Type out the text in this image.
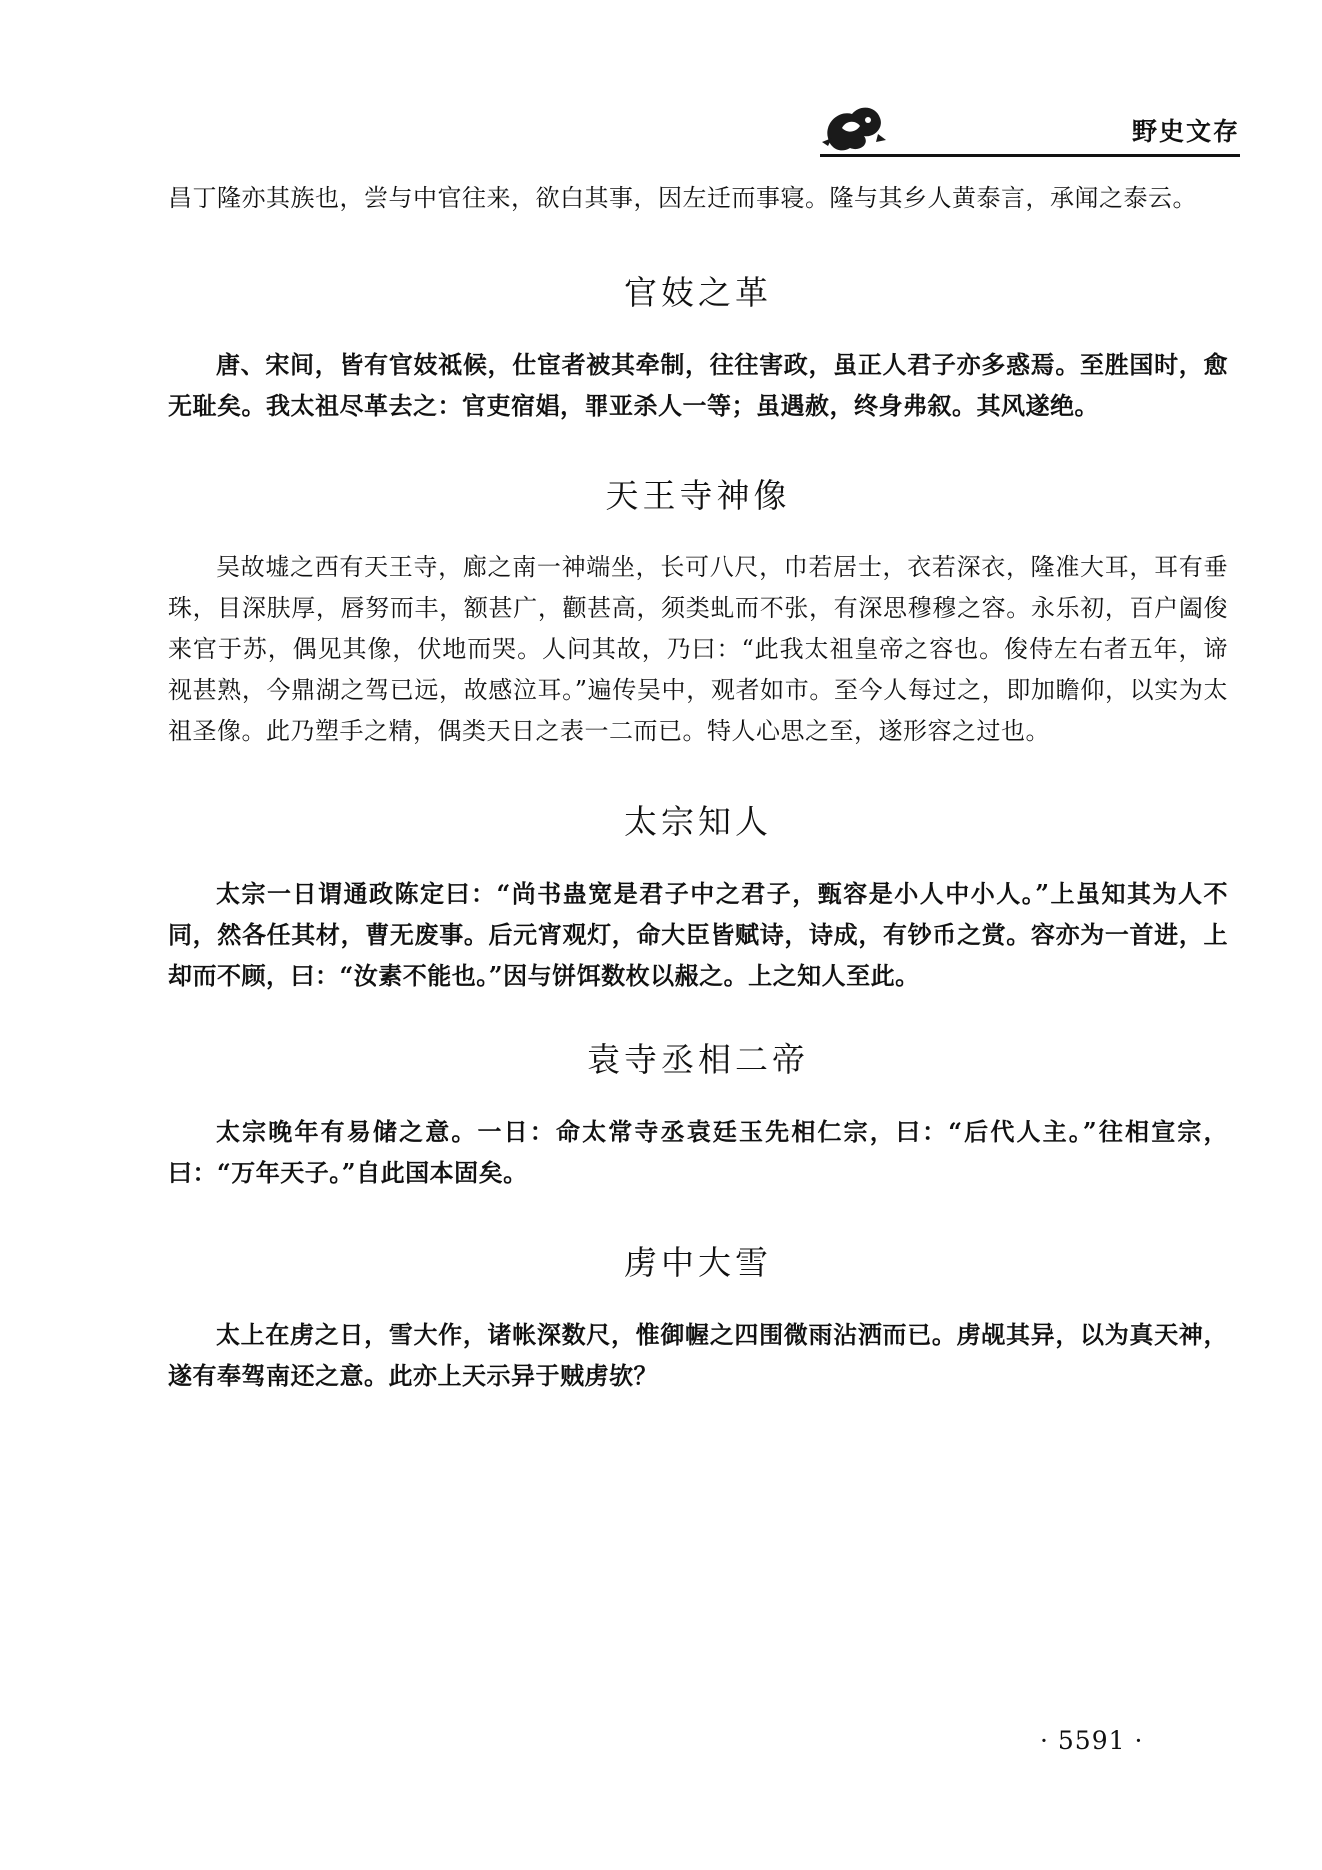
野史文存

昌丁隆亦其族也，尝与中官往来，欲白其事，因左迁而事寝。隆与其乡人黄泰言，承闻之泰云。

官妓之革

唐、宋间，皆有官妓祗候，仕宦者被其牵制，往往害政，虽正人君子亦多惑焉。至胜国时，愈无耻矣。我太祖尽革去之：官吏宿娼，罪亚杀人一等；虽遇赦，终身弗叙。其风遂绝。

天王寺神像

吴故墟之西有天王寺，廊之南一神端坐，长可八尺，巾若居士，衣若深衣，隆准大耳，耳有垂珠，目深肤厚，唇努而丰，额甚广，颧甚高，须类虬而不张，有深思穆穆之容。永乐初，百户阖俊来官于苏，偶见其像，伏地而哭。人问其故，乃曰：“此我太祖皇帝之容也。俊侍左右者五年，谛视甚熟，今鼎湖之驾已远，故感泣耳。”遍传吴中，观者如市。至今人每过之，即加瞻仰，以实为太祖圣像。此乃塑手之精，偶类天日之表一二而已。特人心思之至，遂形容之过也。

太宗知人

太宗一日谓通政陈定曰：“尚书蛊宽是君子中之君子，甄容是小人中小人。”上虽知其为人不同，然各任其材，曹无废事。后元宵观灯，命大臣皆赋诗，诗成，有钞币之赏。容亦为一首进，上却而不顾，曰：“汝素不能也。”因与饼饵数枚以赧之。上之知人至此。

袁寺丞相二帝

太宗晚年有易储之意。一日：命太常寺丞袁廷玉先相仁宗，曰：“后代人主。”往相宣宗，曰：“万年天子。”自此国本固矣。

虏中大雪

太上在虏之日，雪大作，诸帐深数尺，惟御幄之四围微雨沾洒而已。虏觇其异，以为真天神，遂有奉驾南还之意。此亦上天示异于贼虏欤？

· 5591 ·
